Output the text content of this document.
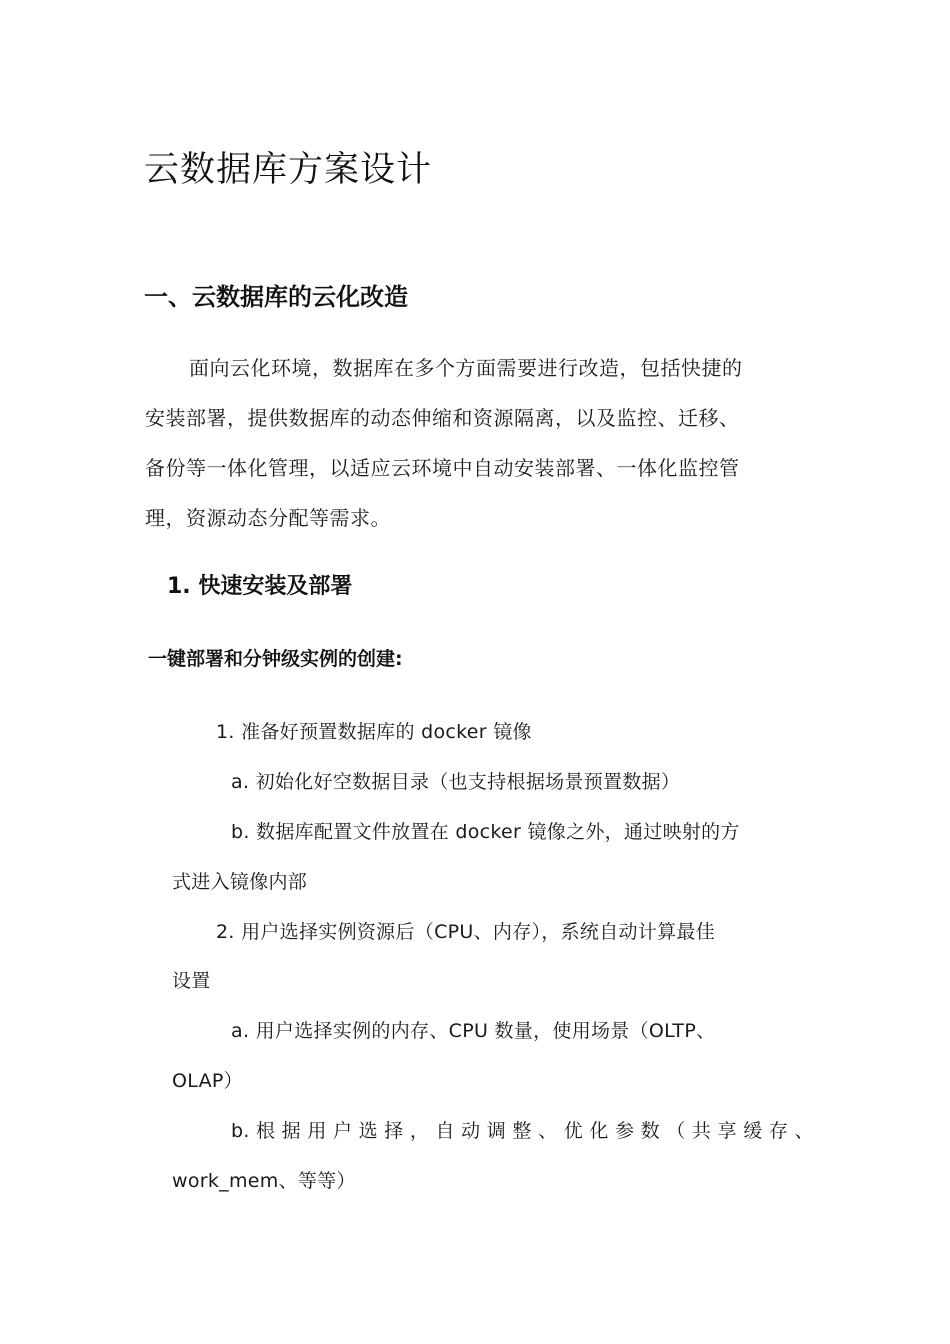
云数据库方案设计
一、云数据库的云化改造

面向云化环境，数据库在多个方面需要进行改造，包括快捷的

安装部署，提供数据库的动态伸缩和资源隔离，以及监控、迁移、

备份等一体化管理，以适应云环境中自动安装部署、一体化监控管

理，资源动态分配等需求。

1. 快速安装及部署
一键部署和分钟级实例的创建:

1. 准备好预置数据库的 docker 镜像

a. 初始化好空数据目录（也支持根据场景预置数据）

b. 数据库配置文件放置在 docker 镜像之外，通过映射的方

式进入镜像内部

2. 用户选择实例资源后（CPU、内存），系统自动计算最佳

设置

a. 用户选择实例的内存、CPU 数量，使用场景（OLTP、

OLAP）

b. 根 据 用 户 选 择 ， 自 动 调 整 、 优 化 参 数 （ 共 享 缓 存 、

work_mem、等等）
